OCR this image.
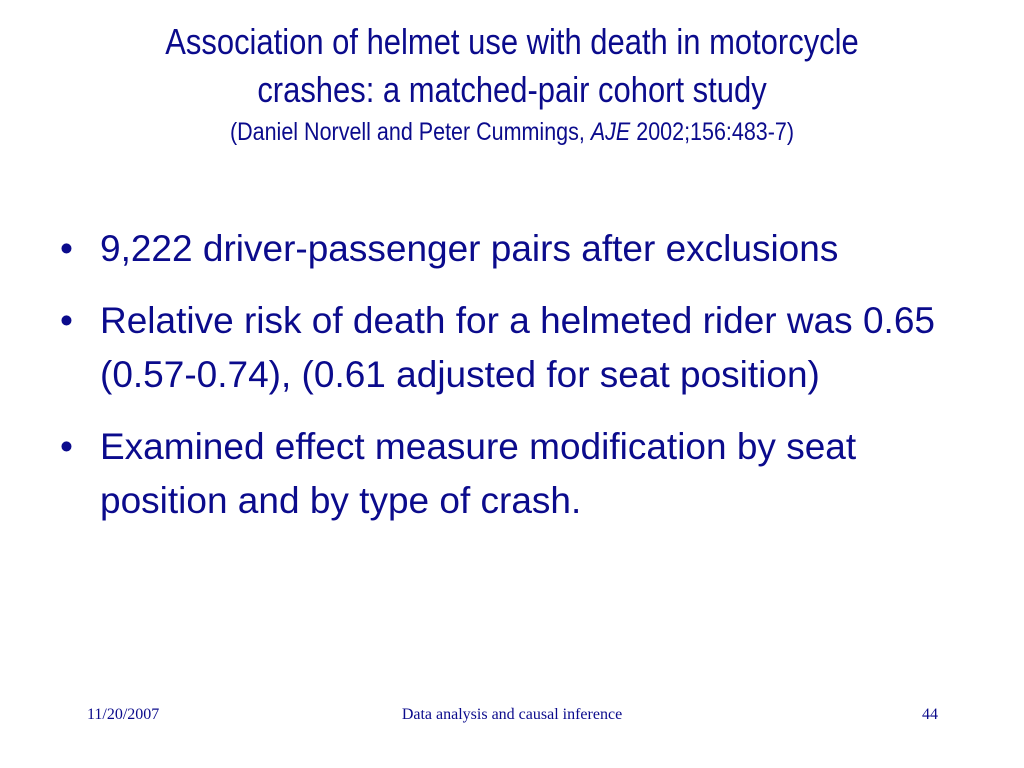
Association of helmet use with death in motorcycle
crashes: a matched-pair cohort study
(Daniel Norvell and Peter Cummings, AJE 2002;156:483-7)
• 9,222 driver-passenger pairs after exclusions
• Relative risk of death for a helmeted rider was 0.65 (0.57-0.74), (0.61 adjusted for seat position)
• Examined effect measure modification by seat position and by type of crash.
11/20/2007	Data analysis and causal inference	44
